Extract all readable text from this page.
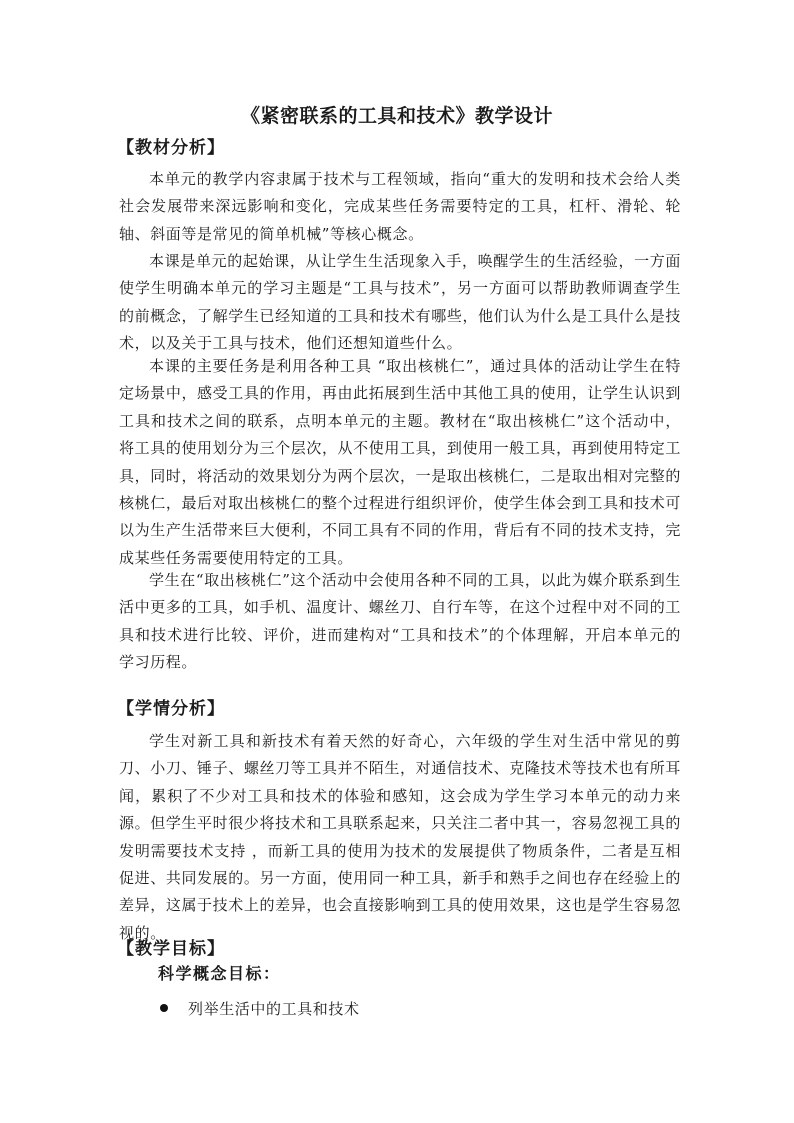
《紧密联系的工具和技术》教学设计
【教材分析】

本单元的教学内容隶属于技术与工程领域，指向“重大的发明和技术会给人类社会发展带来深远影响和变化，完成某些任务需要特定的工具，杠杆、滑轮、轮轴、斜面等是常见的简单机械”等核心概念。

本课是单元的起始课，从让学生生活现象入手，唤醒学生的生活经验，一方面使学生明确本单元的学习主题是“工具与技术”，另一方面可以帮助教师调查学生的前概念，了解学生已经知道的工具和技术有哪些，他们认为什么是工具什么是技术，以及关于工具与技术，他们还想知道些什么。

本课的主要任务是利用各种工具 “取出核桃仁”，通过具体的活动让学生在特定场景中，感受工具的作用，再由此拓展到生活中其他工具的使用，让学生认识到工具和技术之间的联系，点明本单元的主题。教材在“取出核桃仁”这个活动中，将工具的使用划分为三个层次，从不使用工具，到使用一般工具，再到使用特定工具，同时，将活动的效果划分为两个层次，一是取出核桃仁，二是取出相对完整的核桃仁，最后对取出核桃仁的整个过程进行组织评价，使学生体会到工具和技术可以为生产生活带来巨大便利，不同工具有不同的作用，背后有不同的技术支持，完成某些任务需要使用特定的工具。

学生在“取出核桃仁”这个活动中会使用各种不同的工具，以此为媒介联系到生活中更多的工具，如手机、温度计、螺丝刀、自行车等，在这个过程中对不同的工具和技术进行比较、评价，进而建构对“工具和技术”的个体理解，开启本单元的学习历程。

【学情分析】

学生对新工具和新技术有着天然的好奇心，六年级的学生对生活中常见的剪刀、小刀、锤子、螺丝刀等工具并不陌生，对通信技术、克隆技术等技术也有所耳闻，累积了不少对工具和技术的体验和感知，这会成为学生学习本单元的动力来源。但学生平时很少将技术和工具联系起来，只关注二者中其一，容易忽视工具的发明需要技术支持 ，而新工具的使用为技术的发展提供了物质条件，二者是互相促进、共同发展的。另一方面，使用同一种工具，新手和熟手之间也存在经验上的差异，这属于技术上的差异，也会直接影响到工具的使用效果，这也是学生容易忽视的。

【教学目标】
科学概念目标：
列举生活中的工具和技术
